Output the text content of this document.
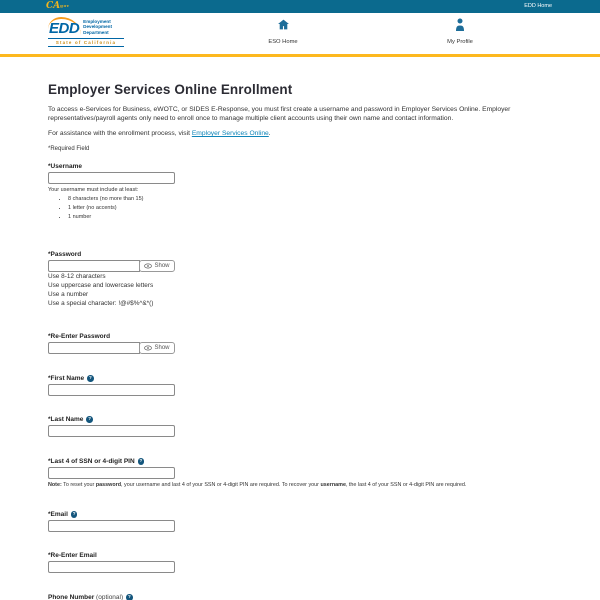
CAgov	EDD Home
EDD Employment
Development
Department
State of California	ESO Home	My Profile
Employer Services Online Enrollment

To access e-Services for Business, eWOTC, or SIDES E-Response, you must first create a username and password in Employer Services Online. Employer representatives/payroll agents only need to enroll once to manage multiple client accounts using their own name and contact information.

For assistance with the enrollment process, visit Employer Services Online.

*Required Field

*Username
Your username must include at least:
• 8 characters (no more than 15)
• 1 letter (no accents)
• 1 number
*Password
Show
Use 8-12 characters
Use uppercase and lowercase letters
Use a number
Use a special character: !@#$%^&*()
*Re-Enter Password
Show
*First Name	?
*Last Name	?
*Last 4 of SSN or 4-digit PIN	?
Note: To reset your password, your username and last 4 of your SSN or 4-digit PIN are required. To recover your username, the last 4 of your SSN or 4-digit PIN are required.
*Email	?
*Re-Enter Email
Phone Number (optional)	?
